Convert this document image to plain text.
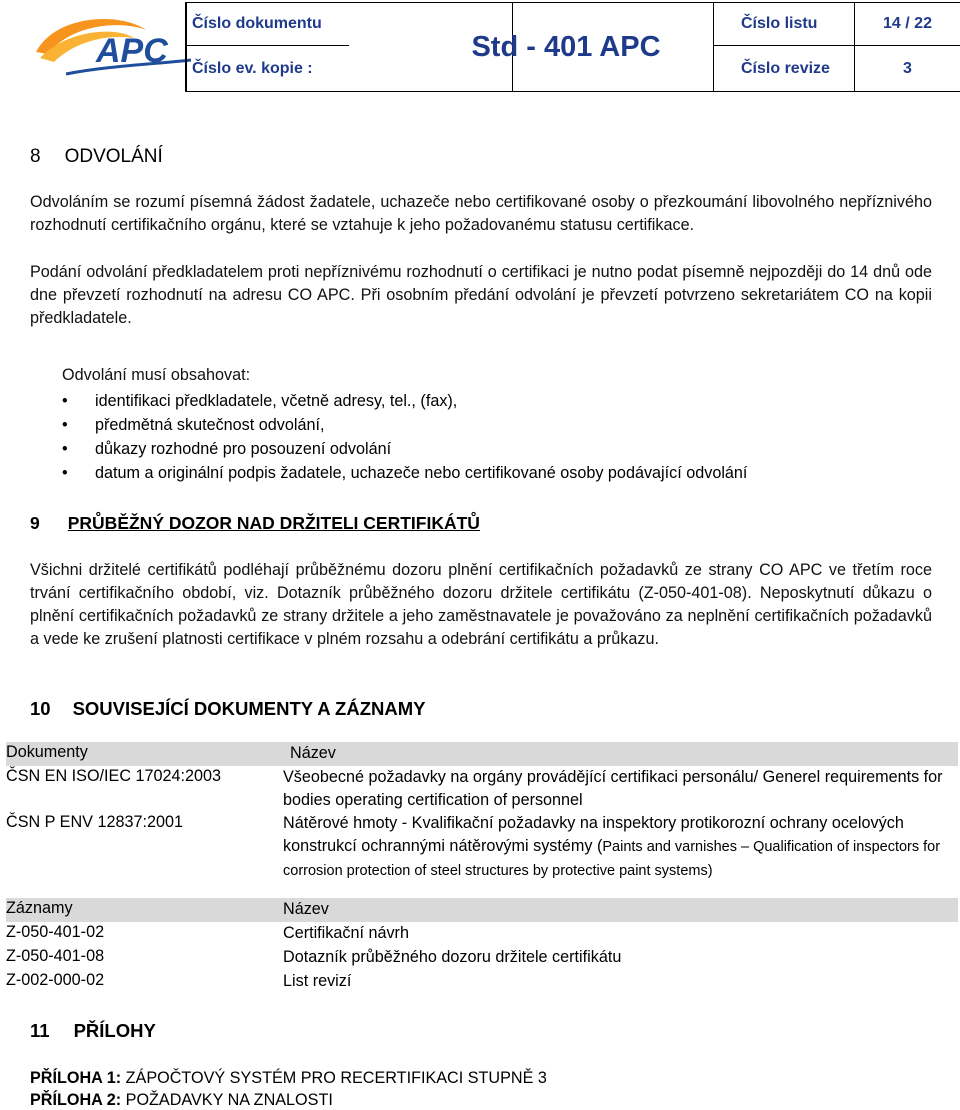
APC
Číslo dokumentu
Číslo ev. kopie :
Std - 401 APC
Číslo listu
Číslo revize
14 / 22
3
8 ODVOLÁNÍ
Odvoláním se rozumí písemná žádost žadatele, uchazeče nebo certifikované osoby o přezkoumání libovolného nepříznivého rozhodnutí certifikačního orgánu, které se vztahuje k jeho požadovanému statusu certifikace.
Podání odvolání předkladatelem proti nepříznivému rozhodnutí o certifikaci je nutno podat písemně nejpozději do 14 dnů ode dne převzetí rozhodnutí na adresu CO APC. Při osobním předání odvolání je převzetí potvrzeno sekretariátem CO na kopii předkladatele.
Odvolání musí obsahovat:
• identifikaci předkladatele, včetně adresy, tel., (fax),
• předmětná skutečnost odvolání,
• důkazy rozhodné pro posouzení odvolání
• datum a originální podpis žadatele, uchazeče nebo certifikované osoby podávající odvolání
9 PRŮBĚŽNÝ DOZOR NAD DRŽITELI CERTIFIKÁTŮ
Všichni držitelé certifikátů podléhají průběžnému dozoru plnění certifikačních požadavků ze strany CO APC ve třetím roce trvání certifikačního období, viz. Dotazník průběžného dozoru držitele certifikátu (Z-050-401-08). Neposkytnutí důkazu o plnění certifikačních požadavků ze strany držitele a jeho zaměstnavatele je považováno za neplnění certifikačních požadavků a vede ke zrušení platnosti certifikace v plném rozsahu a odebrání certifikátu a průkazu.
10 SOUVISEJÍCÍ DOKUMENTY A ZÁZNAMY
Dokumenty	Název
ČSN EN ISO/IEC 17024:2003	Všeobecné požadavky na orgány provádějící certifikaci personálu/ Generel requirements for bodies operating certification of personnel
ČSN P ENV 12837:2001	Nátěrové hmoty - Kvalifikační požadavky na inspektory protikorozní ochrany ocelových konstrukcí ochrannými nátěrovými systémy (Paints and varnishes – Qualification of inspectors for corrosion protection of steel structures by protective paint systems)
Záznamy	Název
Z-050-401-02	Certifikační návrh
Z-050-401-08	Dotazník průběžného dozoru držitele certifikátu
Z-002-000-02	List revizí
11 PŘÍLOHY
PŘÍLOHA 1: ZÁPOČTOVÝ SYSTÉM PRO RECERTIFIKACI STUPNĚ 3
PŘÍLOHA 2: POŽADAVKY NA ZNALOSTI
